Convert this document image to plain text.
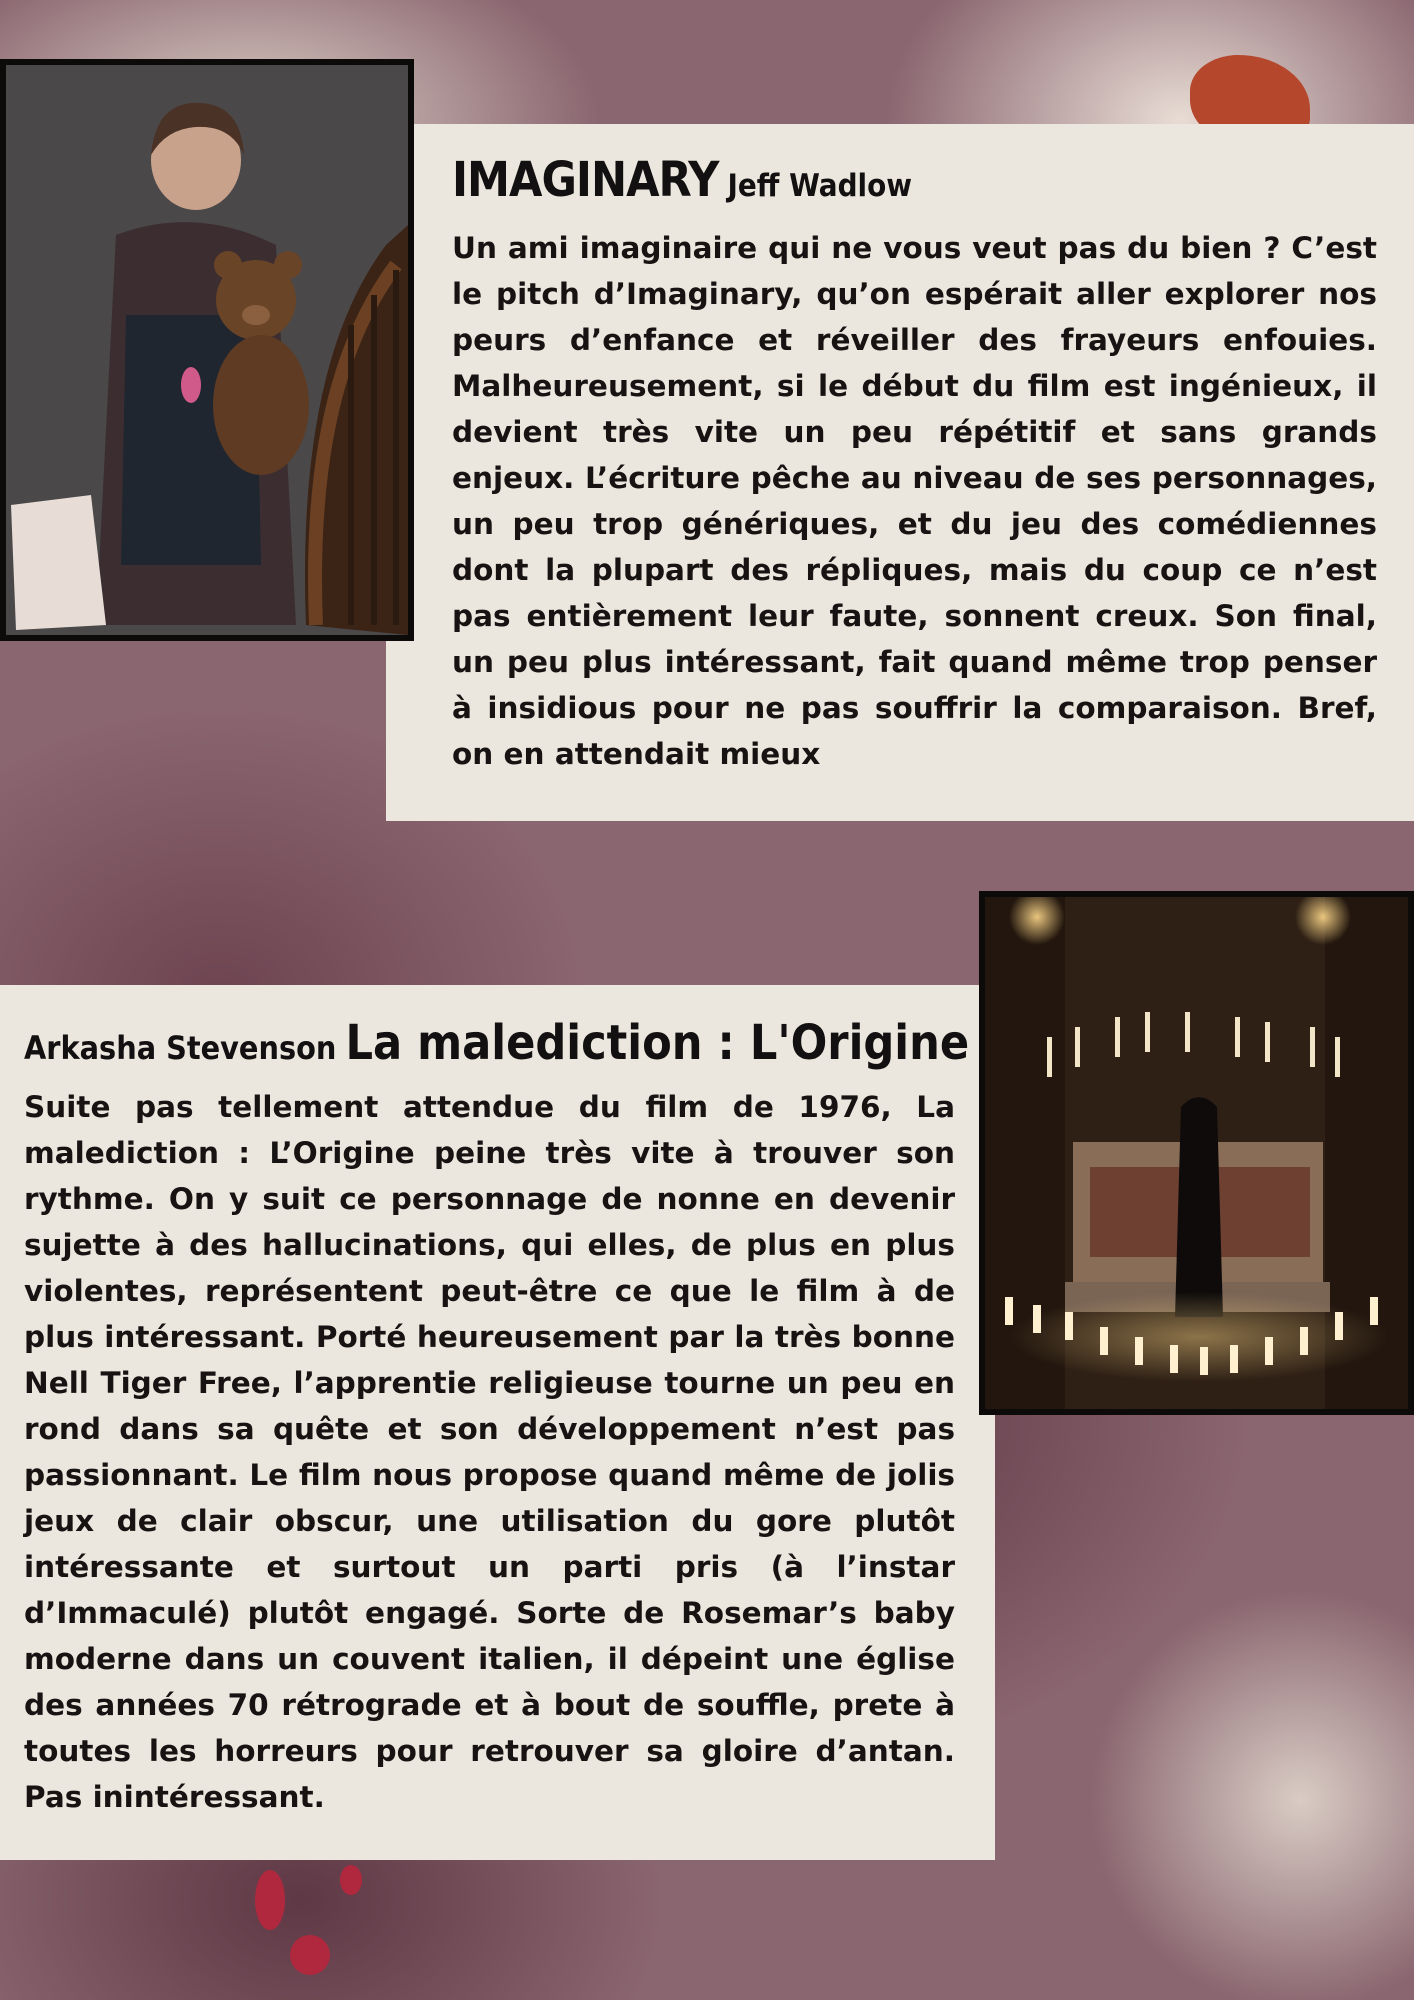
IMAGINARY Jeff Wadlow

Un ami imaginaire qui ne vous veut pas du bien ? C’est le pitch d’Imaginary, qu’on espérait aller explorer nos peurs d’enfance et réveiller des frayeurs enfouies. Malheureusement, si le début du film est ingénieux, il devient très vite un peu répétitif et sans grands enjeux. L’écriture pêche au niveau de ses personnages, un peu trop génériques, et du jeu des comédiennes dont la plupart des répliques, mais du coup ce n’est pas entièrement leur faute, sonnent creux. Son final, un peu plus intéressant, fait quand même trop penser à insidious pour ne pas souffrir la comparaison. Bref, on en attendait mieux

Arkasha Stevenson La malediction : L'Origine

Suite pas tellement attendue du film de 1976, La malediction : L’Origine peine très vite à trouver son rythme. On y suit ce personnage de nonne en devenir sujette à des hallucinations, qui elles, de plus en plus violentes, représentent peut-être ce que le film à de plus intéressant. Porté heureusement par la très bonne Nell Tiger Free, l’apprentie religieuse tourne un peu en rond dans sa quête et son développement n’est pas passionnant. Le film nous propose quand même de jolis jeux de clair obscur, une utilisation du gore plutôt intéressante et surtout un parti pris (à l’instar d’Immaculé) plutôt engagé. Sorte de Rosemar’s baby moderne dans un couvent italien, il dépeint une église des années 70 rétrograde et à bout de souffle, prete à toutes les horreurs pour retrouver sa gloire d’antan. Pas inintéressant.
